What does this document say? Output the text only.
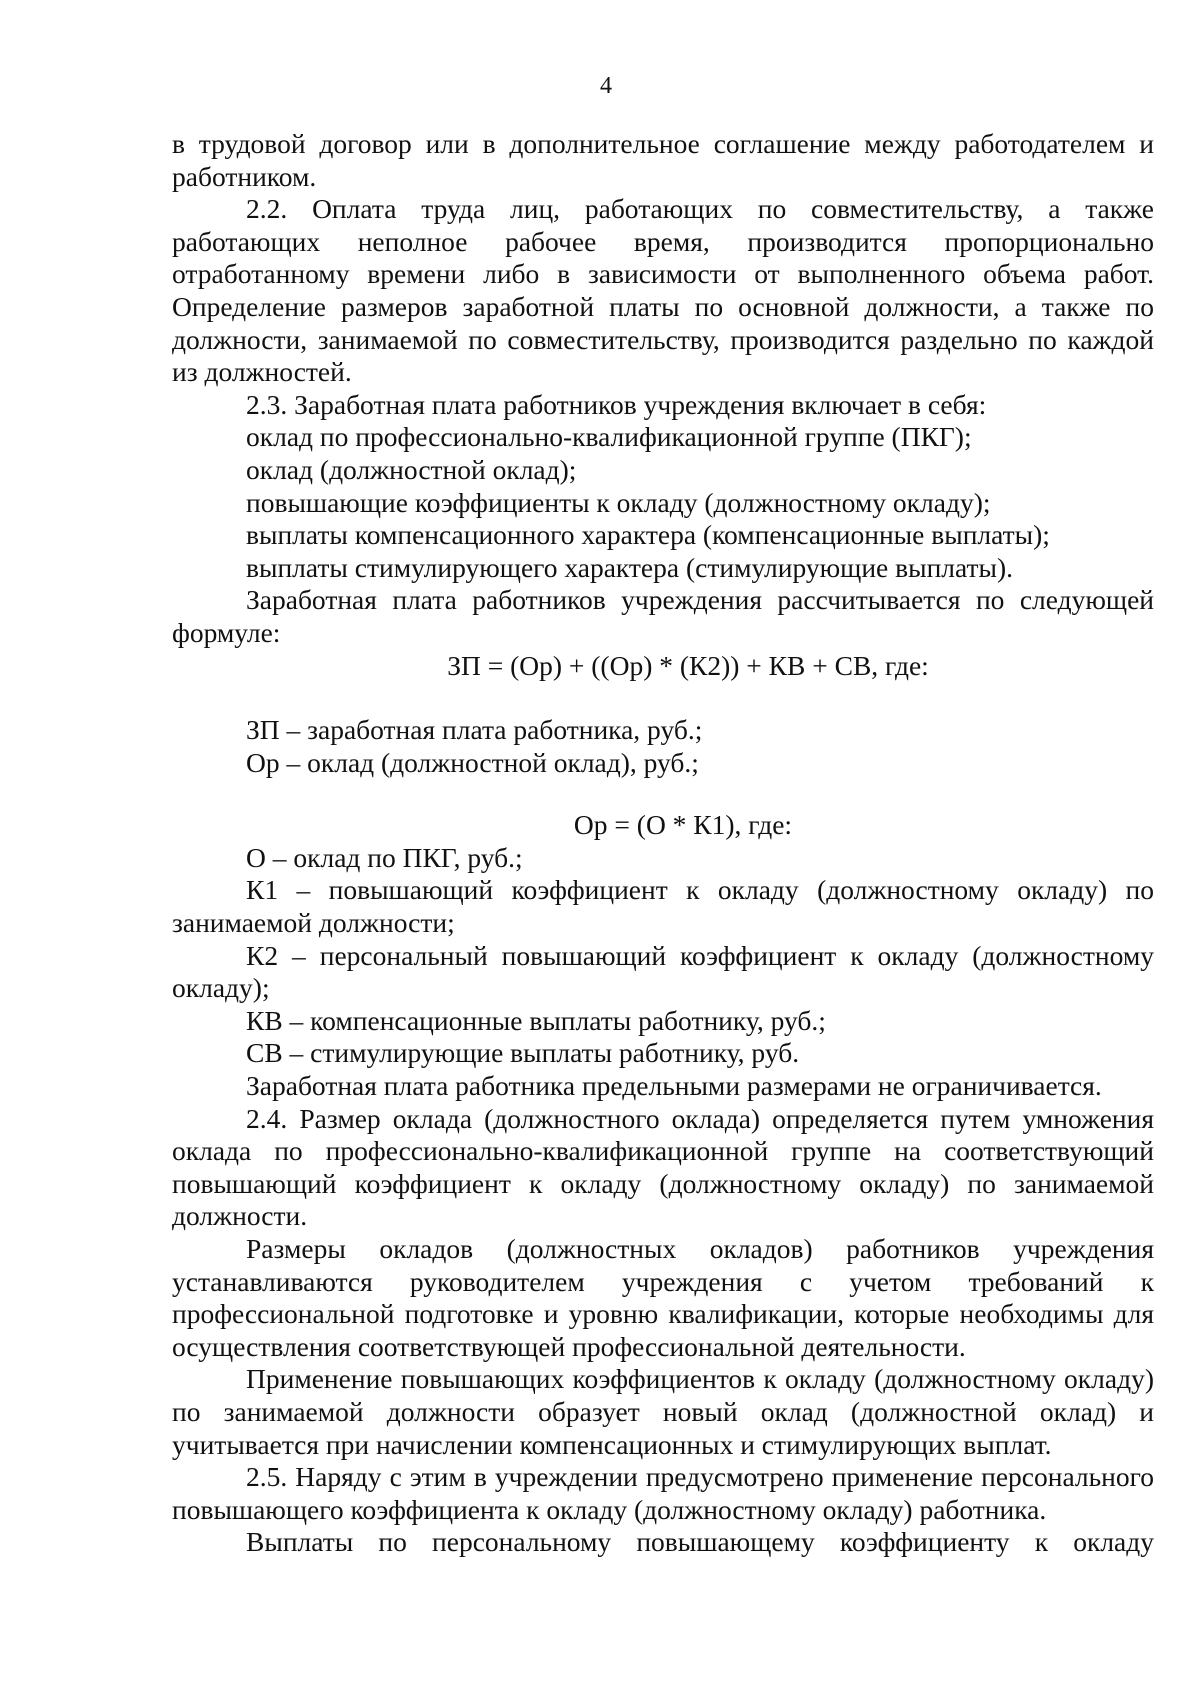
4

в трудовой договор или в дополнительное соглашение между работодателем и работником.

2.2. Оплата труда лиц, работающих по совместительству, а также работающих неполное рабочее время, производится пропорционально отработанному времени либо в зависимости от выполненного объема работ. Определение размеров заработной платы по основной должности, а также по должности, занимаемой по совместительству, производится раздельно по каждой из должностей.

2.3. Заработная плата работников учреждения включает в себя:

оклад по профессионально-квалификационной группе (ПКГ);

оклад (должностной оклад);

повышающие коэффициенты к окладу (должностному окладу);

выплаты компенсационного характера (компенсационные выплаты);

выплаты стимулирующего характера (стимулирующие выплаты).

Заработная плата работников учреждения рассчитывается по следующей формуле:

ЗП = (Ор) + ((Ор) * (К2)) + КВ + СВ, где:

ЗП – заработная плата работника, руб.;

Ор – оклад (должностной оклад), руб.;

Ор = (О * К1), где:

О – оклад по ПКГ, руб.;

К1 – повышающий коэффициент к окладу (должностному окладу) по занимаемой должности;

К2 – персональный повышающий коэффициент к окладу (должностному окладу);

КВ – компенсационные выплаты работнику, руб.;

СВ – стимулирующие выплаты работнику, руб.

Заработная плата работника предельными размерами не ограничивается.

2.4. Размер оклада (должностного оклада) определяется путем умножения оклада по профессионально-квалификационной группе на соответствующий повышающий коэффициент к окладу (должностному окладу) по занимаемой должности.

Размеры окладов (должностных окладов) работников учреждения устанавливаются руководителем учреждения с учетом требований к профессиональной подготовке и уровню квалификации, которые необходимы для осуществления соответствующей профессиональной деятельности.

Применение повышающих коэффициентов к окладу (должностному окладу) по занимаемой должности образует новый оклад (должностной оклад) и учитывается при начислении компенсационных и стимулирующих выплат.

2.5. Наряду с этим в учреждении предусмотрено применение персонального повышающего коэффициента к окладу (должностному окладу) работника.

Выплаты по персональному повышающему коэффициенту к окладу
